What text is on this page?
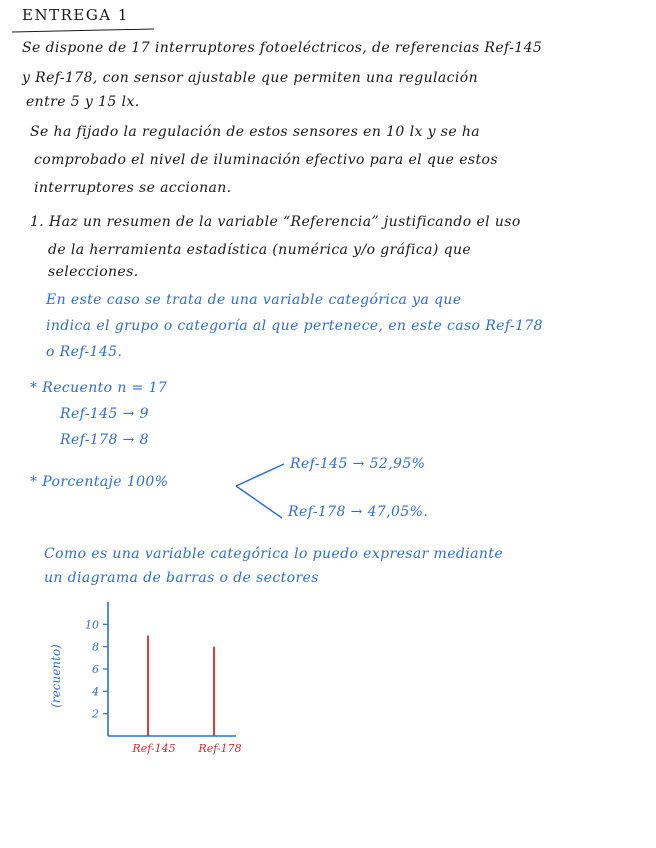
ENTREGA 1
Se dispone de 17 interruptores fotoeléctricos, de referencias Ref-145
y Ref-178, con sensor ajustable que permiten una regulación
entre 5 y 15 lx.
Se ha fijado la regulación de estos sensores en 10 lx y se ha
comprobado el nivel de iluminación efectivo para el que estos
interruptores se accionan.
1. Haz un resumen de la variable “Referencia” justificando el uso
de la herramienta estadística (numérica y/o gráfica) que
selecciones.
En este caso se trata de una variable categórica ya que
indica el grupo o categoría al que pertenece, en este caso Ref-178
o Ref-145.
* Recuento n = 17
Ref-145 → 9
Ref-178 → 8
* Porcentaje 100%
Ref-145 → 52,95%
Ref-178 → 47,05%.
Como es una variable categórica lo puedo expresar mediante
un diagrama de barras o de sectores
2
4
6
8
10
Ref-145 Ref-178
(recuento)
